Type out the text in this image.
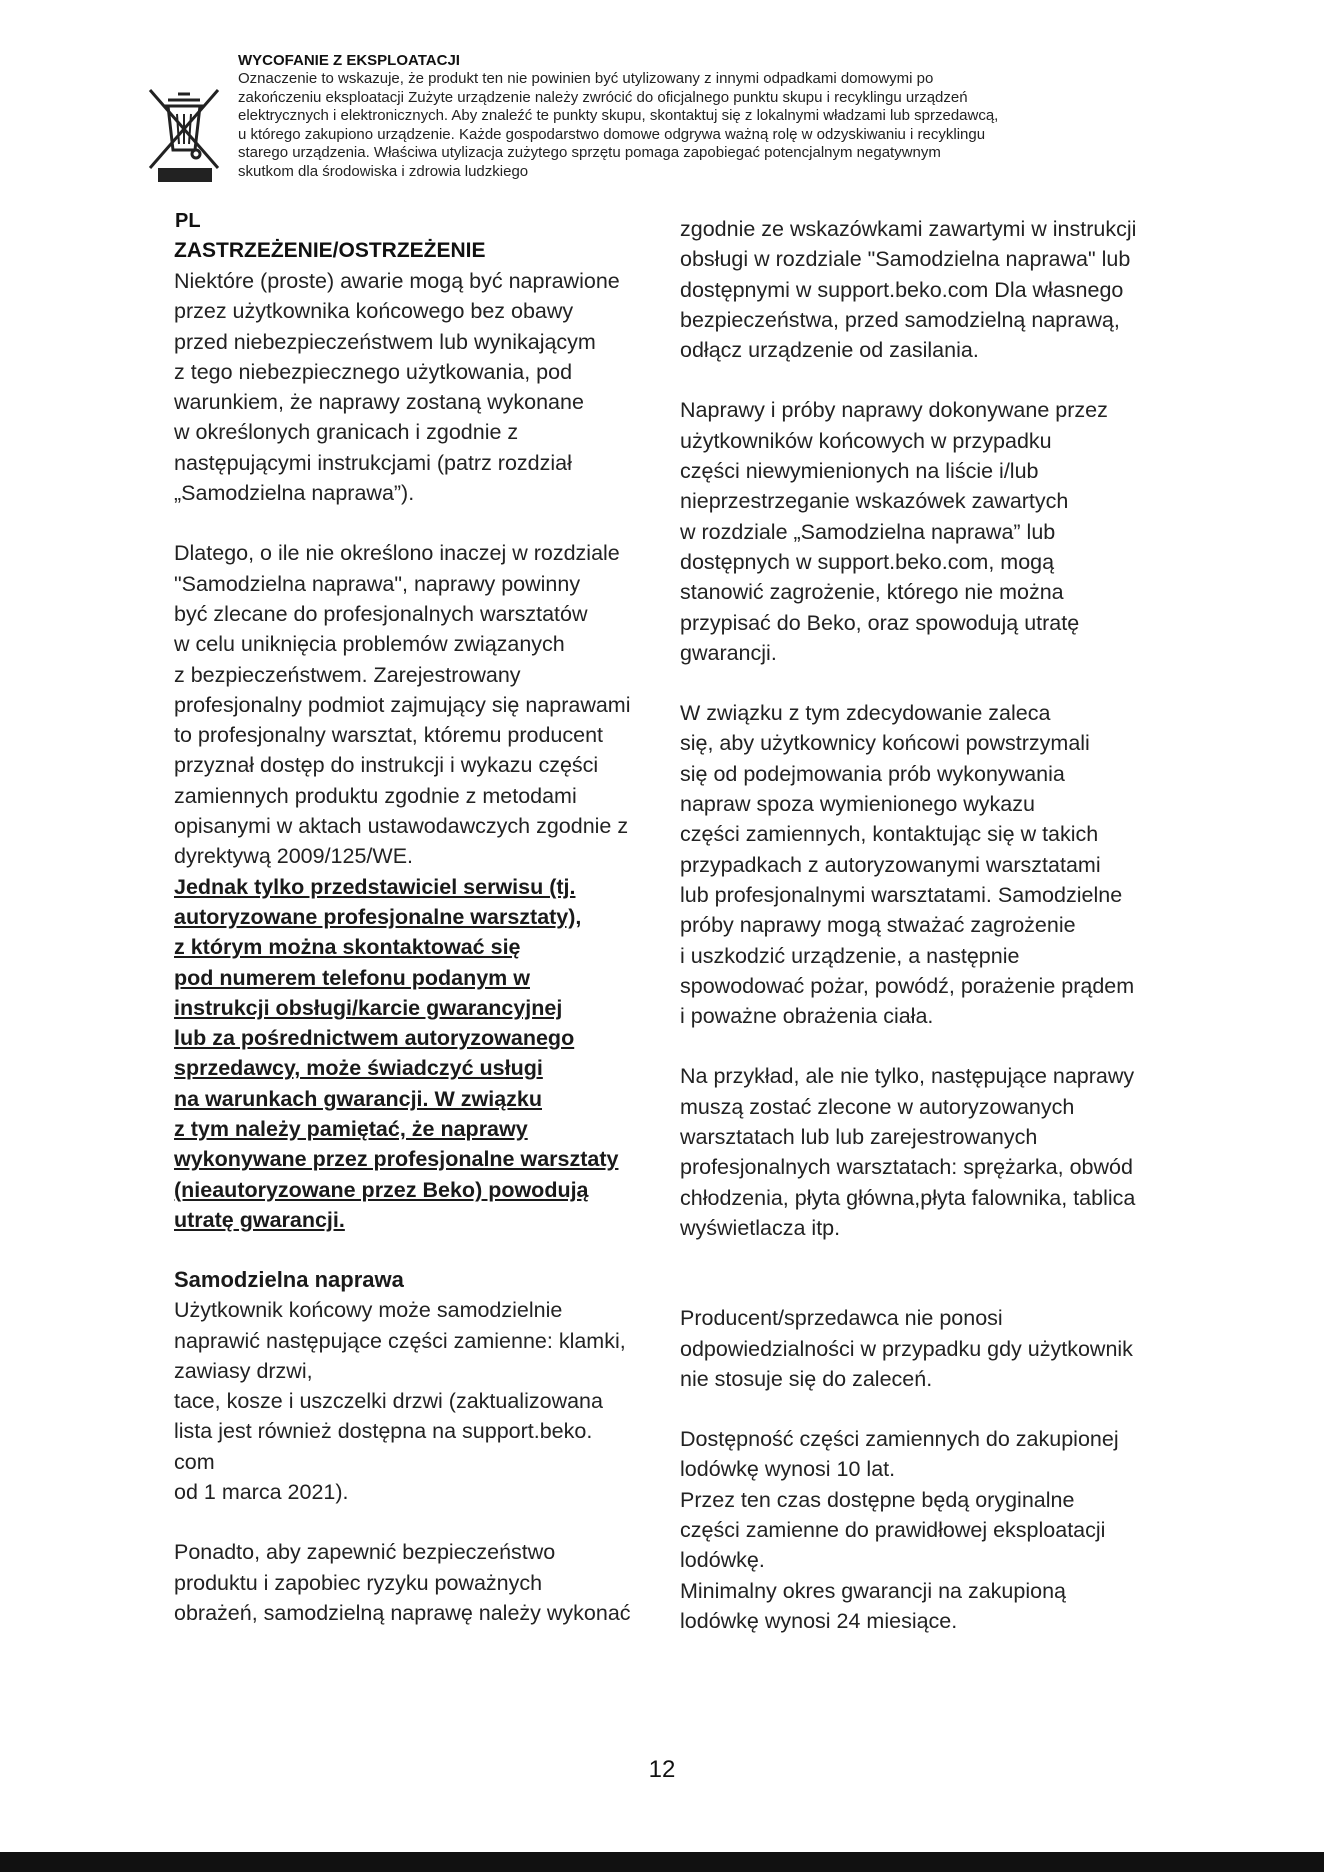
WYCOFANIE Z EKSPLOATACJI
Oznaczenie to wskazuje, że produkt ten nie powinien być utylizowany z innymi odpadkami domowymi po
zakończeniu eksploatacji Zużyte urządzenie należy zwrócić do oficjalnego punktu skupu i recyklingu urządzeń
elektrycznych i elektronicznych. Aby znaleźć te punkty skupu, skontaktuj się z lokalnymi władzami lub sprzedawcą,
u którego zakupiono urządzenie. Każde gospodarstwo domowe odgrywa ważną rolę w odzyskiwaniu i recyklingu
starego urządzenia. Właściwa utylizacja zużytego sprzętu pomaga zapobiegać potencjalnym negatywnym
skutkom dla środowiska i zdrowia ludzkiego
PL
ZASTRZEŻENIE/OSTRZEŻENIE
Niektóre (proste) awarie mogą być naprawione
przez użytkownika końcowego bez obawy
przed niebezpieczeństwem lub wynikającym
z tego niebezpiecznego użytkowania, pod
warunkiem, że naprawy zostaną wykonane
w określonych granicach i zgodnie z
następującymi instrukcjami (patrz rozdział
„Samodzielna naprawa”).
Dlatego, o ile nie określono inaczej w rozdziale
"Samodzielna naprawa", naprawy powinny
być zlecane do profesjonalnych warsztatów
w celu uniknięcia problemów związanych
z bezpieczeństwem. Zarejestrowany
profesjonalny podmiot zajmujący się naprawami
to profesjonalny warsztat, któremu producent
przyznał dostęp do instrukcji i wykazu części
zamiennych produktu zgodnie z metodami
opisanymi w aktach ustawodawczych zgodnie z
dyrektywą 2009/125/WE.
Jednak tylko przedstawiciel serwisu (tj.
autoryzowane profesjonalne warsztaty),
z którym można skontaktować się
pod numerem telefonu podanym w
instrukcji obsługi/karcie gwarancyjnej
lub za pośrednictwem autoryzowanego
sprzedawcy, może świadczyć usługi
na warunkach gwarancji. W związku
z tym należy pamiętać, że naprawy
wykonywane przez profesjonalne warsztaty
(nieautoryzowane przez Beko) powodują
utratę gwarancji.
Samodzielna naprawa
Użytkownik końcowy może samodzielnie
naprawić następujące części zamienne: klamki,
zawiasy drzwi,
tace, kosze i uszczelki drzwi (zaktualizowana
lista jest również dostępna na support.beko.
com
od 1 marca 2021).
Ponadto, aby zapewnić bezpieczeństwo
produktu i zapobiec ryzyku poważnych
obrażeń, samodzielną naprawę należy wykonać
zgodnie ze wskazówkami zawartymi w instrukcji
obsługi w rozdziale "Samodzielna naprawa" lub
dostępnymi w support.beko.com Dla własnego
bezpieczeństwa, przed samodzielną naprawą,
odłącz urządzenie od zasilania.
Naprawy i próby naprawy dokonywane przez
użytkowników końcowych w przypadku
części niewymienionych na liście i/lub
nieprzestrzeganie wskazówek zawartych
w rozdziale „Samodzielna naprawa” lub
dostępnych w support.beko.com, mogą
stanowić zagrożenie, którego nie można
przypisać do Beko, oraz spowodują utratę
gwarancji.
W związku z tym zdecydowanie zaleca
się, aby użytkownicy końcowi powstrzymali
się od podejmowania prób wykonywania
napraw spoza wymienionego wykazu
części zamiennych, kontaktując się w takich
przypadkach z autoryzowanymi warsztatami
lub profesjonalnymi warsztatami. Samodzielne
próby naprawy mogą stważać zagrożenie
i uszkodzić urządzenie, a następnie
spowodować pożar, powódź, porażenie prądem
i poważne obrażenia ciała.
Na przykład, ale nie tylko, następujące naprawy
muszą zostać zlecone w autoryzowanych
warsztatach lub lub zarejestrowanych
profesjonalnych warsztatach: sprężarka, obwód
chłodzenia, płyta główna,płyta falownika, tablica
wyświetlacza itp.
Producent/sprzedawca nie ponosi
odpowiedzialności w przypadku gdy użytkownik
nie stosuje się do zaleceń.
Dostępność części zamiennych do zakupionej
lodówkę wynosi 10 lat.
Przez ten czas dostępne będą oryginalne
części zamienne do prawidłowej eksploatacji
lodówkę.
Minimalny okres gwarancji na zakupioną
lodówkę wynosi 24 miesiące.
12
